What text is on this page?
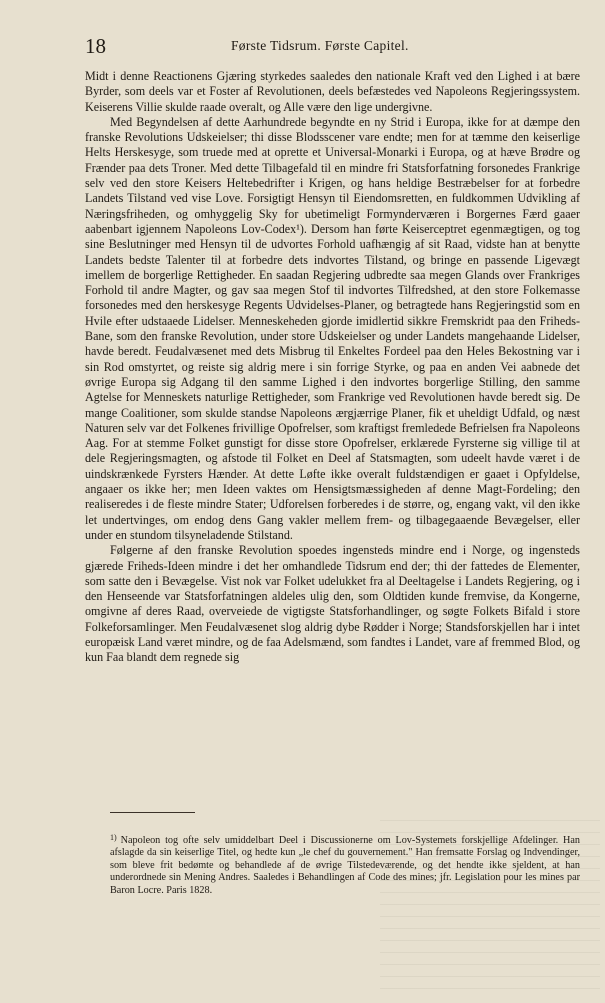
18	Første Tidsrum. Første Capitel.

Midt i denne Reactionens Gjæring styrkedes saaledes den nationale Kraft ved den Lighed i at bære Byrder, som deels var et Foster af Revolutionen, deels befæstedes ved Napoleons Regjeringssystem. Keiserens Villie skulde raade overalt, og Alle være den lige undergivne.

Med Begyndelsen af dette Aarhundrede begyndte en ny Strid i Europa, ikke for at dæmpe den franske Revolutions Udskeielser; thi disse Blodsscener vare endte; men for at tæmme den keiserlige Helts Herskesyge, som truede med at oprette et Universal-Monarki i Europa, og at hæve Brødre og Frænder paa dets Troner. Med dette Tilbagefald til en mindre fri Statsforfatning forsonedes Frankrige selv ved den store Keisers Heltebedrifter i Krigen, og hans heldige Bestræbelser for at forbedre Landets Tilstand ved vise Love. Forsigtigt Hensyn til Eiendomsretten, en fuldkommen Udvikling af Næringsfriheden, og omhyggelig Sky for ubetimeligt Formynderværen i Borgernes Færd gaaer aabenbart igjennem Napoleons Lov-Codex¹). Dersom han førte Keiserceptret egenmægtigen, og tog sine Beslutninger med Hensyn til de udvortes Forhold uafhængig af sit Raad, vidste han at benytte Landets bedste Talenter til at forbedre dets indvortes Tilstand, og bringe en passende Ligevægt imellem de borgerlige Rettigheder. En saadan Regjering udbredte saa megen Glands over Frankriges Forhold til andre Magter, og gav saa megen Stof til indvortes Tilfredshed, at den store Folkemasse forsonedes med den herskesyge Regents Udvidelses-Planer, og betragtede hans Regjeringstid som en Hvile efter udstaaede Lidelser. Menneskeheden gjorde imidlertid sikkre Fremskridt paa den Friheds-Bane, som den franske Revolution, under store Udskeielser og under Landets mangehaande Lidelser, havde beredt. Feudalvæsenet med dets Misbrug til Enkeltes Fordeel paa den Heles Bekostning var i sin Rod omstyrtet, og reiste sig aldrig mere i sin forrige Styrke, og paa en anden Vei aabnede det øvrige Europa sig Adgang til den samme Lighed i den indvortes borgerlige Stilling, den samme Agtelse for Menneskets naturlige Rettigheder, som Frankrige ved Revolutionen havde beredt sig. De mange Coalitioner, som skulde standse Napoleons ærgjærrige Planer, fik et uheldigt Udfald, og næst Naturen selv var det Folkenes frivillige Opofrelser, som kraftigst fremledede Befrielsen fra Napoleons Aag. For at stemme Folket gunstigt for disse store Opofrelser, erklærede Fyrsterne sig villige til at dele Regjeringsmagten, og afstode til Folket en Deel af Statsmagten, som udeelt havde været i de uindskrænkede Fyrsters Hænder. At dette Løfte ikke overalt fuldstændigen er gaaet i Opfyldelse, angaaer os ikke her; men Ideen vaktes om Hensigtsmæssigheden af denne Magt-Fordeling; den realiseredes i de fleste mindre Stater; Udforelsen forberedes i de større, og, engang vakt, vil den ikke let undertvinges, om endog dens Gang vakler mellem frem- og tilbagegaaende Bevægelser, eller under en stundom tilsyneladende Stilstand.

Følgerne af den franske Revolution spoedes ingensteds mindre end i Norge, og ingensteds gjærede Friheds-Ideen mindre i det her omhandlede Tidsrum end der; thi der fattedes de Elementer, som satte den i Bevægelse. Vist nok var Folket udelukket fra al Deeltagelse i Landets Regjering, og i den Henseende var Statsforfatningen aldeles ulig den, som Oldtiden kunde fremvise, da Kongerne, omgivne af deres Raad, overveiede de vigtigste Statsforhandlinger, og søgte Folkets Bifald i store Folkeforsamlinger. Men Feudalvæsenet slog aldrig dybe Rødder i Norge; Standsforskjellen har i intet europæisk Land været mindre, og de faa Adelsmænd, som fandtes i Landet, vare af fremmed Blod, og kun Faa blandt dem regnede sig

$^{1)}$ Napoleon tog ofte selv umiddelbart Deel i Discussionerne om Lov-Systemets forskjellige Afdelinger. Han afslagde da sin keiserlige Titel, og hedte kun „le chef du gouvernement." Han fremsatte Forslag og Indvendinger, som bleve frit bedømte og behandlede af de øvrige Tilstedeværende, og det hendte ikke sjeldent, at han underordnede sin Mening Andres. Saaledes i Behandlingen af Code des mines; jfr. Legislation pour les mines par Baron Locre. Paris 1828.
